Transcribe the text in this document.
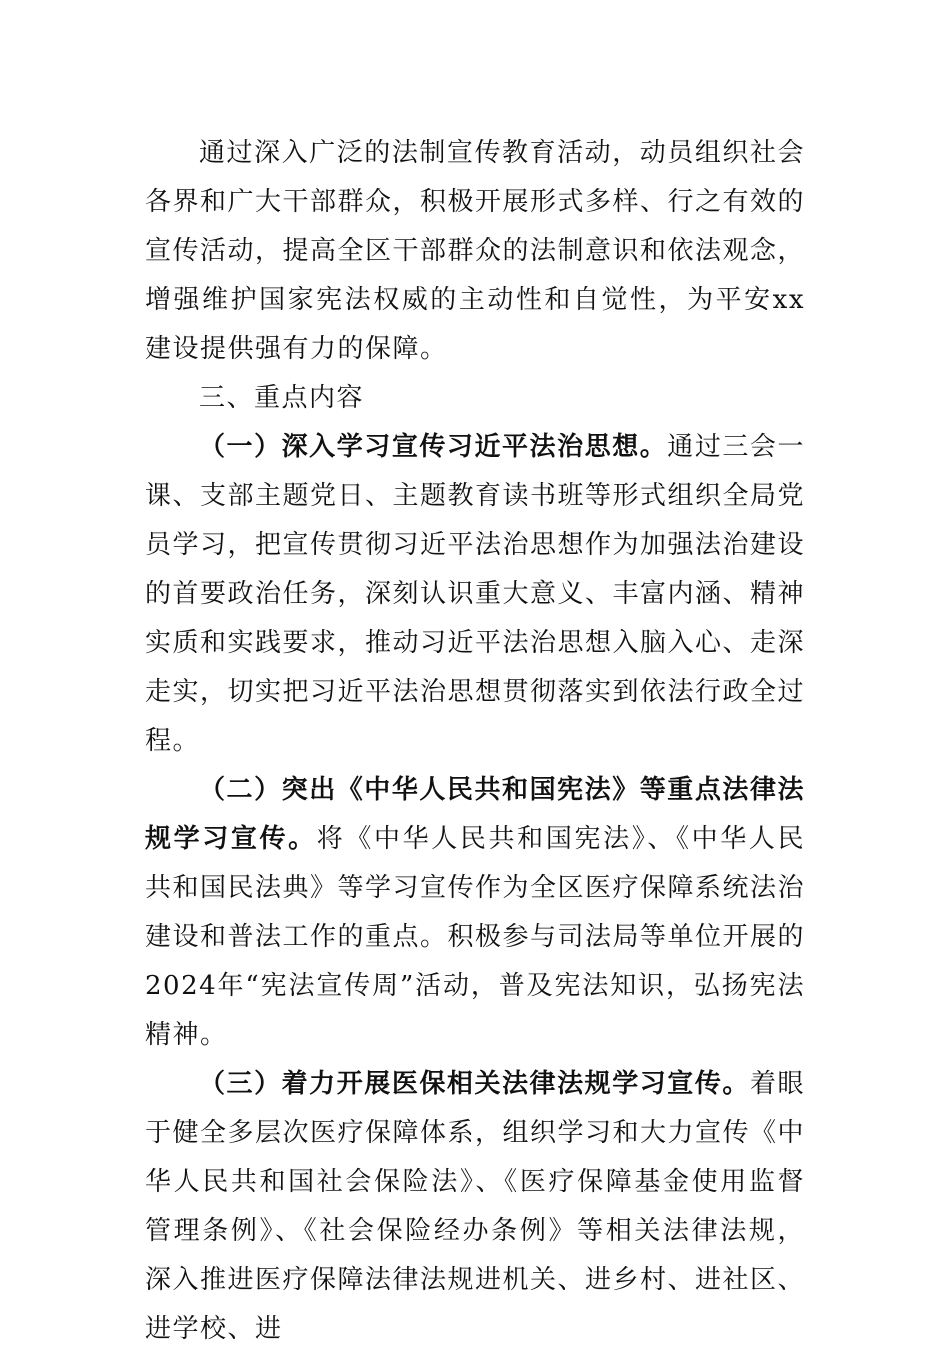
通过深入广泛的法制宣传教育活动，动员组织社会各界和广大干部群众，积极开展形式多样、行之有效的宣传活动，提高全区干部群众的法制意识和依法观念，增强维护国家宪法权威的主动性和自觉性，为平安xx建设提供强有力的保障。

三、重点内容

（一）深入学习宣传习近平法治思想。通过三会一课、支部主题党日、主题教育读书班等形式组织全局党员学习，把宣传贯彻习近平法治思想作为加强法治建设的首要政治任务，深刻认识重大意义、丰富内涵、精神实质和实践要求，推动习近平法治思想入脑入心、走深走实，切实把习近平法治思想贯彻落实到依法行政全过程。

（二）突出《中华人民共和国宪法》等重点法律法规学习宣传。将《中华人民共和国宪法》、《中华人民共和国民法典》等学习宣传作为全区医疗保障系统法治建设和普法工作的重点。积极参与司法局等单位开展的2024年“宪法宣传周”活动，普及宪法知识，弘扬宪法精神。

（三）着力开展医保相关法律法规学习宣传。着眼于健全多层次医疗保障体系，组织学习和大力宣传《中华人民共和国社会保险法》、《医疗保障基金使用监督管理条例》、《社会保险经办条例》等相关法律法规，深入推进医疗保障法律法规进机关、进乡村、进社区、进学校、进
